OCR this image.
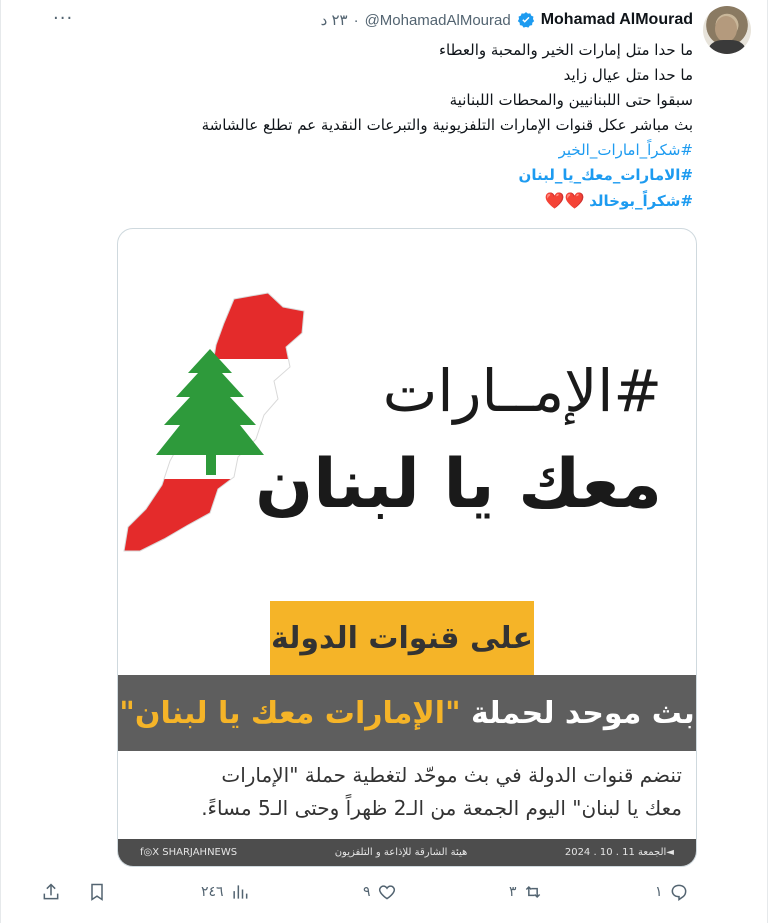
···	Mohamad AlMourad
@MohamadAlMourad
·
٢٣ د
ما حدا متل إمارات الخير والمحبة والعطاء
ما حدا متل عيال زايد
سبقوا حتى اللبنانيين والمحطات اللبنانية
بث مباشر عكل قنوات الإمارات التلفزيونية والتبرعات النقدية عم تطلع عالشاشة
#شكراً_امارات_الخير
#الامارات_معك_يا_لبنان
#شكراً_بوخالد ❤️❤️
#الإمــارات
معك يا لبنان
على قنوات الدولة
بث موحد لحملة "الإمارات معك يا لبنان"
تنضم قنوات الدولة في بث موحّد لتغطية حملة "الإمارات
معك يا لبنان" اليوم الجمعة من الـ2 ظهراً وحتى الـ5 مساءً.
f◎X SHARJAHNEWS	هيئة الشارقة للإذاعة و التلفزيون	الجمعة 11 . 10 . 2024◄
٢٤٦	٩	٣	١
